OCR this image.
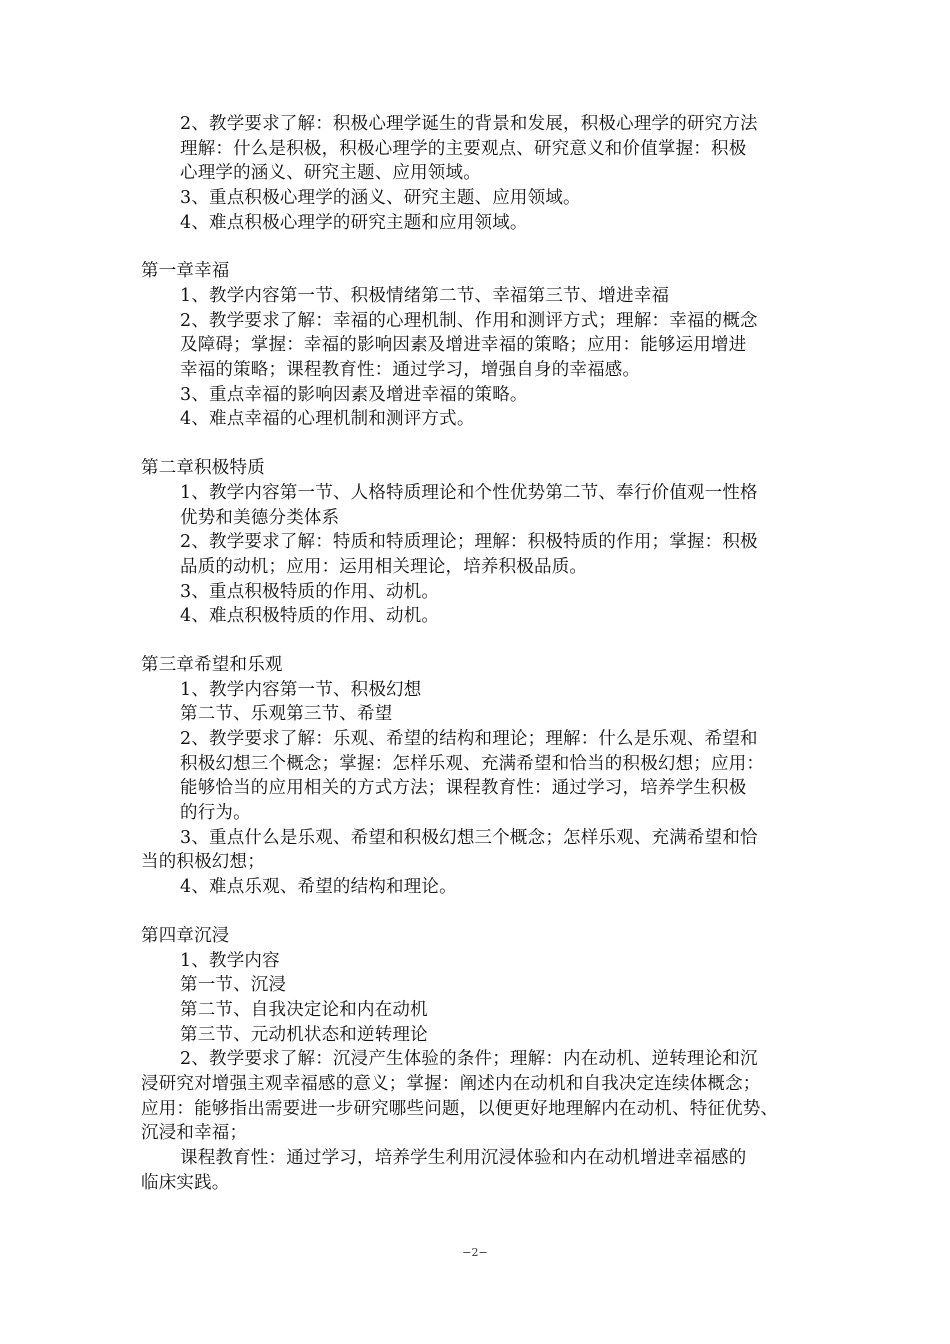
2、教学要求了解：积极心理学诞生的背景和发展，积极心理学的研究方法
理解：什么是积极，积极心理学的主要观点、研究意义和价值掌握：积极
心理学的涵义、研究主题、应用领域。
3、重点积极心理学的涵义、研究主题、应用领域。
4、难点积极心理学的研究主题和应用领域。
第一章幸福
1、教学内容第一节、积极情绪第二节、幸福第三节、增进幸福
2、教学要求了解：幸福的心理机制、作用和测评方式；理解：幸福的概念
及障碍；掌握：幸福的影响因素及增进幸福的策略；应用：能够运用增进
幸福的策略；课程教育性：通过学习，增强自身的幸福感。
3、重点幸福的影响因素及增进幸福的策略。
4、难点幸福的心理机制和测评方式。
第二章积极特质
1、教学内容第一节、人格特质理论和个性优势第二节、奉行价值观一性格
优势和美德分类体系
2、教学要求了解：特质和特质理论；理解：积极特质的作用；掌握：积极
品质的动机；应用：运用相关理论，培养积极品质。
3、重点积极特质的作用、动机。
4、难点积极特质的作用、动机。
第三章希望和乐观
1、教学内容第一节、积极幻想
第二节、乐观第三节、希望
2、教学要求了解：乐观、希望的结构和理论；理解：什么是乐观、希望和
积极幻想三个概念；掌握：怎样乐观、充满希望和恰当的积极幻想；应用：
能够恰当的应用相关的方式方法；课程教育性：通过学习，培养学生积极
的行为。
3、重点什么是乐观、希望和积极幻想三个概念；怎样乐观、充满希望和恰
当的积极幻想；
4、难点乐观、希望的结构和理论。
第四章沉浸
1、教学内容
第一节、沉浸
第二节、自我决定论和内在动机
第三节、元动机状态和逆转理论
2、教学要求了解：沉浸产生体验的条件；理解：内在动机、逆转理论和沉
浸研究对增强主观幸福感的意义；掌握：阐述内在动机和自我决定连续体概念；
应用：能够指出需要进一步研究哪些问题，以便更好地理解内在动机、特征优势、
沉浸和幸福；
课程教育性：通过学习，培养学生利用沉浸体验和内在动机增进幸福感的
临床实践。
−2−
